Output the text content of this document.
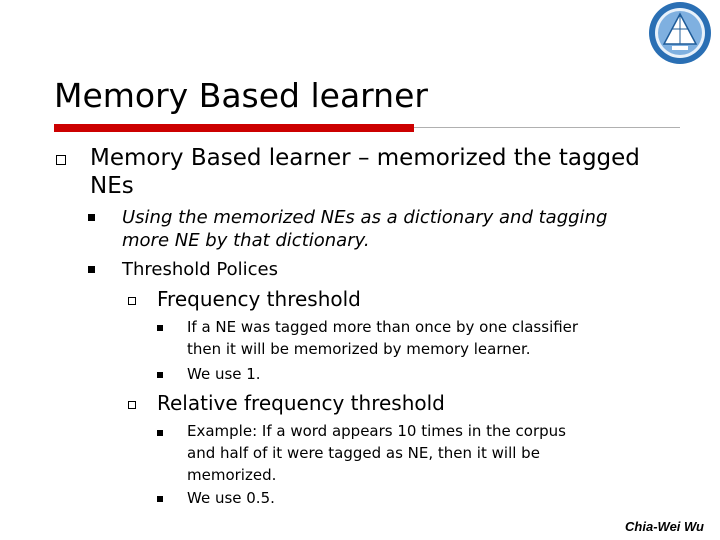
Memory Based learner
Memory Based learner – memorized the tagged
NEs
Using the memorized NEs as a dictionary and tagging
more NE by that dictionary.
Threshold Polices
Frequency threshold
If a NE was tagged more than once by one classifier
then it will be memorized by memory learner.
We use 1.
Relative frequency threshold
Example: If a word appears 10 times in the corpus
and half of it were tagged as NE, then it will be
memorized.
We use 0.5.
Chia-Wei Wu
